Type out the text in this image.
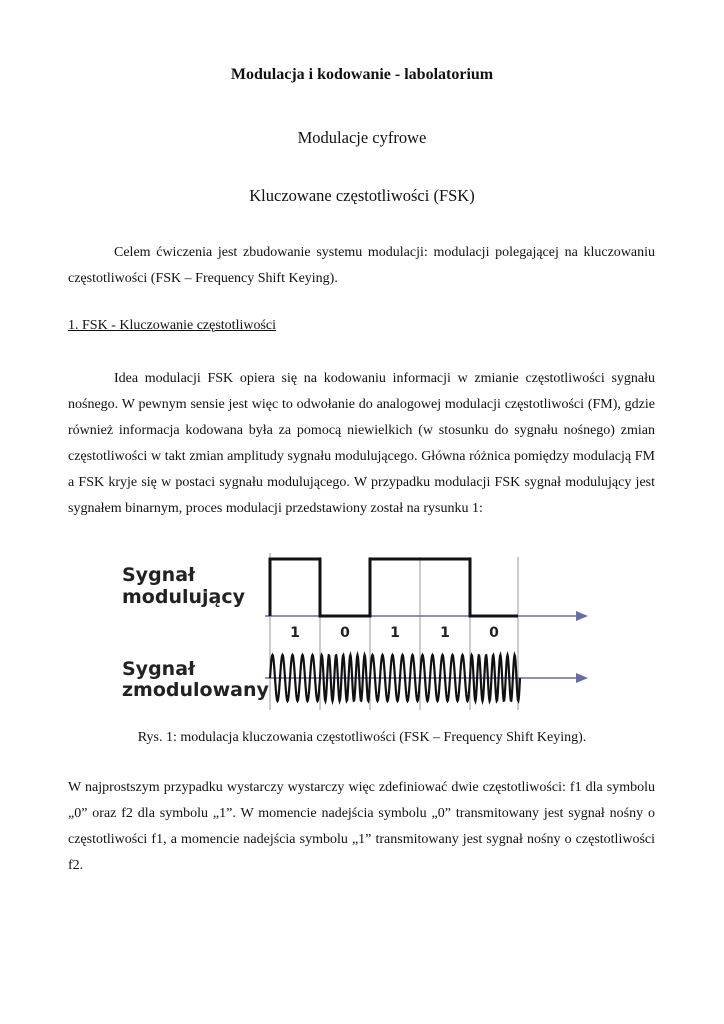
Modulacja i kodowanie - labolatorium
Modulacje cyfrowe
Kluczowane częstotliwości (FSK)

Celem ćwiczenia jest zbudowanie systemu modulacji: modulacji polegającej na kluczowaniu częstotliwości (FSK – Frequency Shift Keying).

1. FSK - Kluczowanie częstotliwości

Idea modulacji FSK opiera się na kodowaniu informacji w zmianie częstotliwości sygnału nośnego. W pewnym sensie jest więc to odwołanie do analogowej modulacji częstotliwości (FM), gdzie również informacja kodowana była za pomocą niewielkich (w stosunku do sygnału nośnego) zmian częstotliwości w takt zmian amplitudy sygnału modulującego. Główna różnica pomiędzy modulacją FM a FSK kryje się w postaci sygnału modulującego. W przypadku modulacji FSK sygnał modulujący jest sygnałem binarnym, proces modulacji przedstawiony został na rysunku 1:

Sygnał
modulujący
Sygnał
zmodulowany
1	0	1	1	0
Rys. 1: modulacja kluczowania częstotliwości (FSK – Frequency Shift Keying).

W najprostszym przypadku wystarczy wystarczy więc zdefiniować dwie częstotliwości: f1 dla symbolu „0” oraz f2 dla symbolu „1”. W momencie nadejścia symbolu „0” transmitowany jest sygnał nośny o częstotliwości f1, a momencie nadejścia symbolu „1” transmitowany jest sygnał nośny o częstotliwości f2.
